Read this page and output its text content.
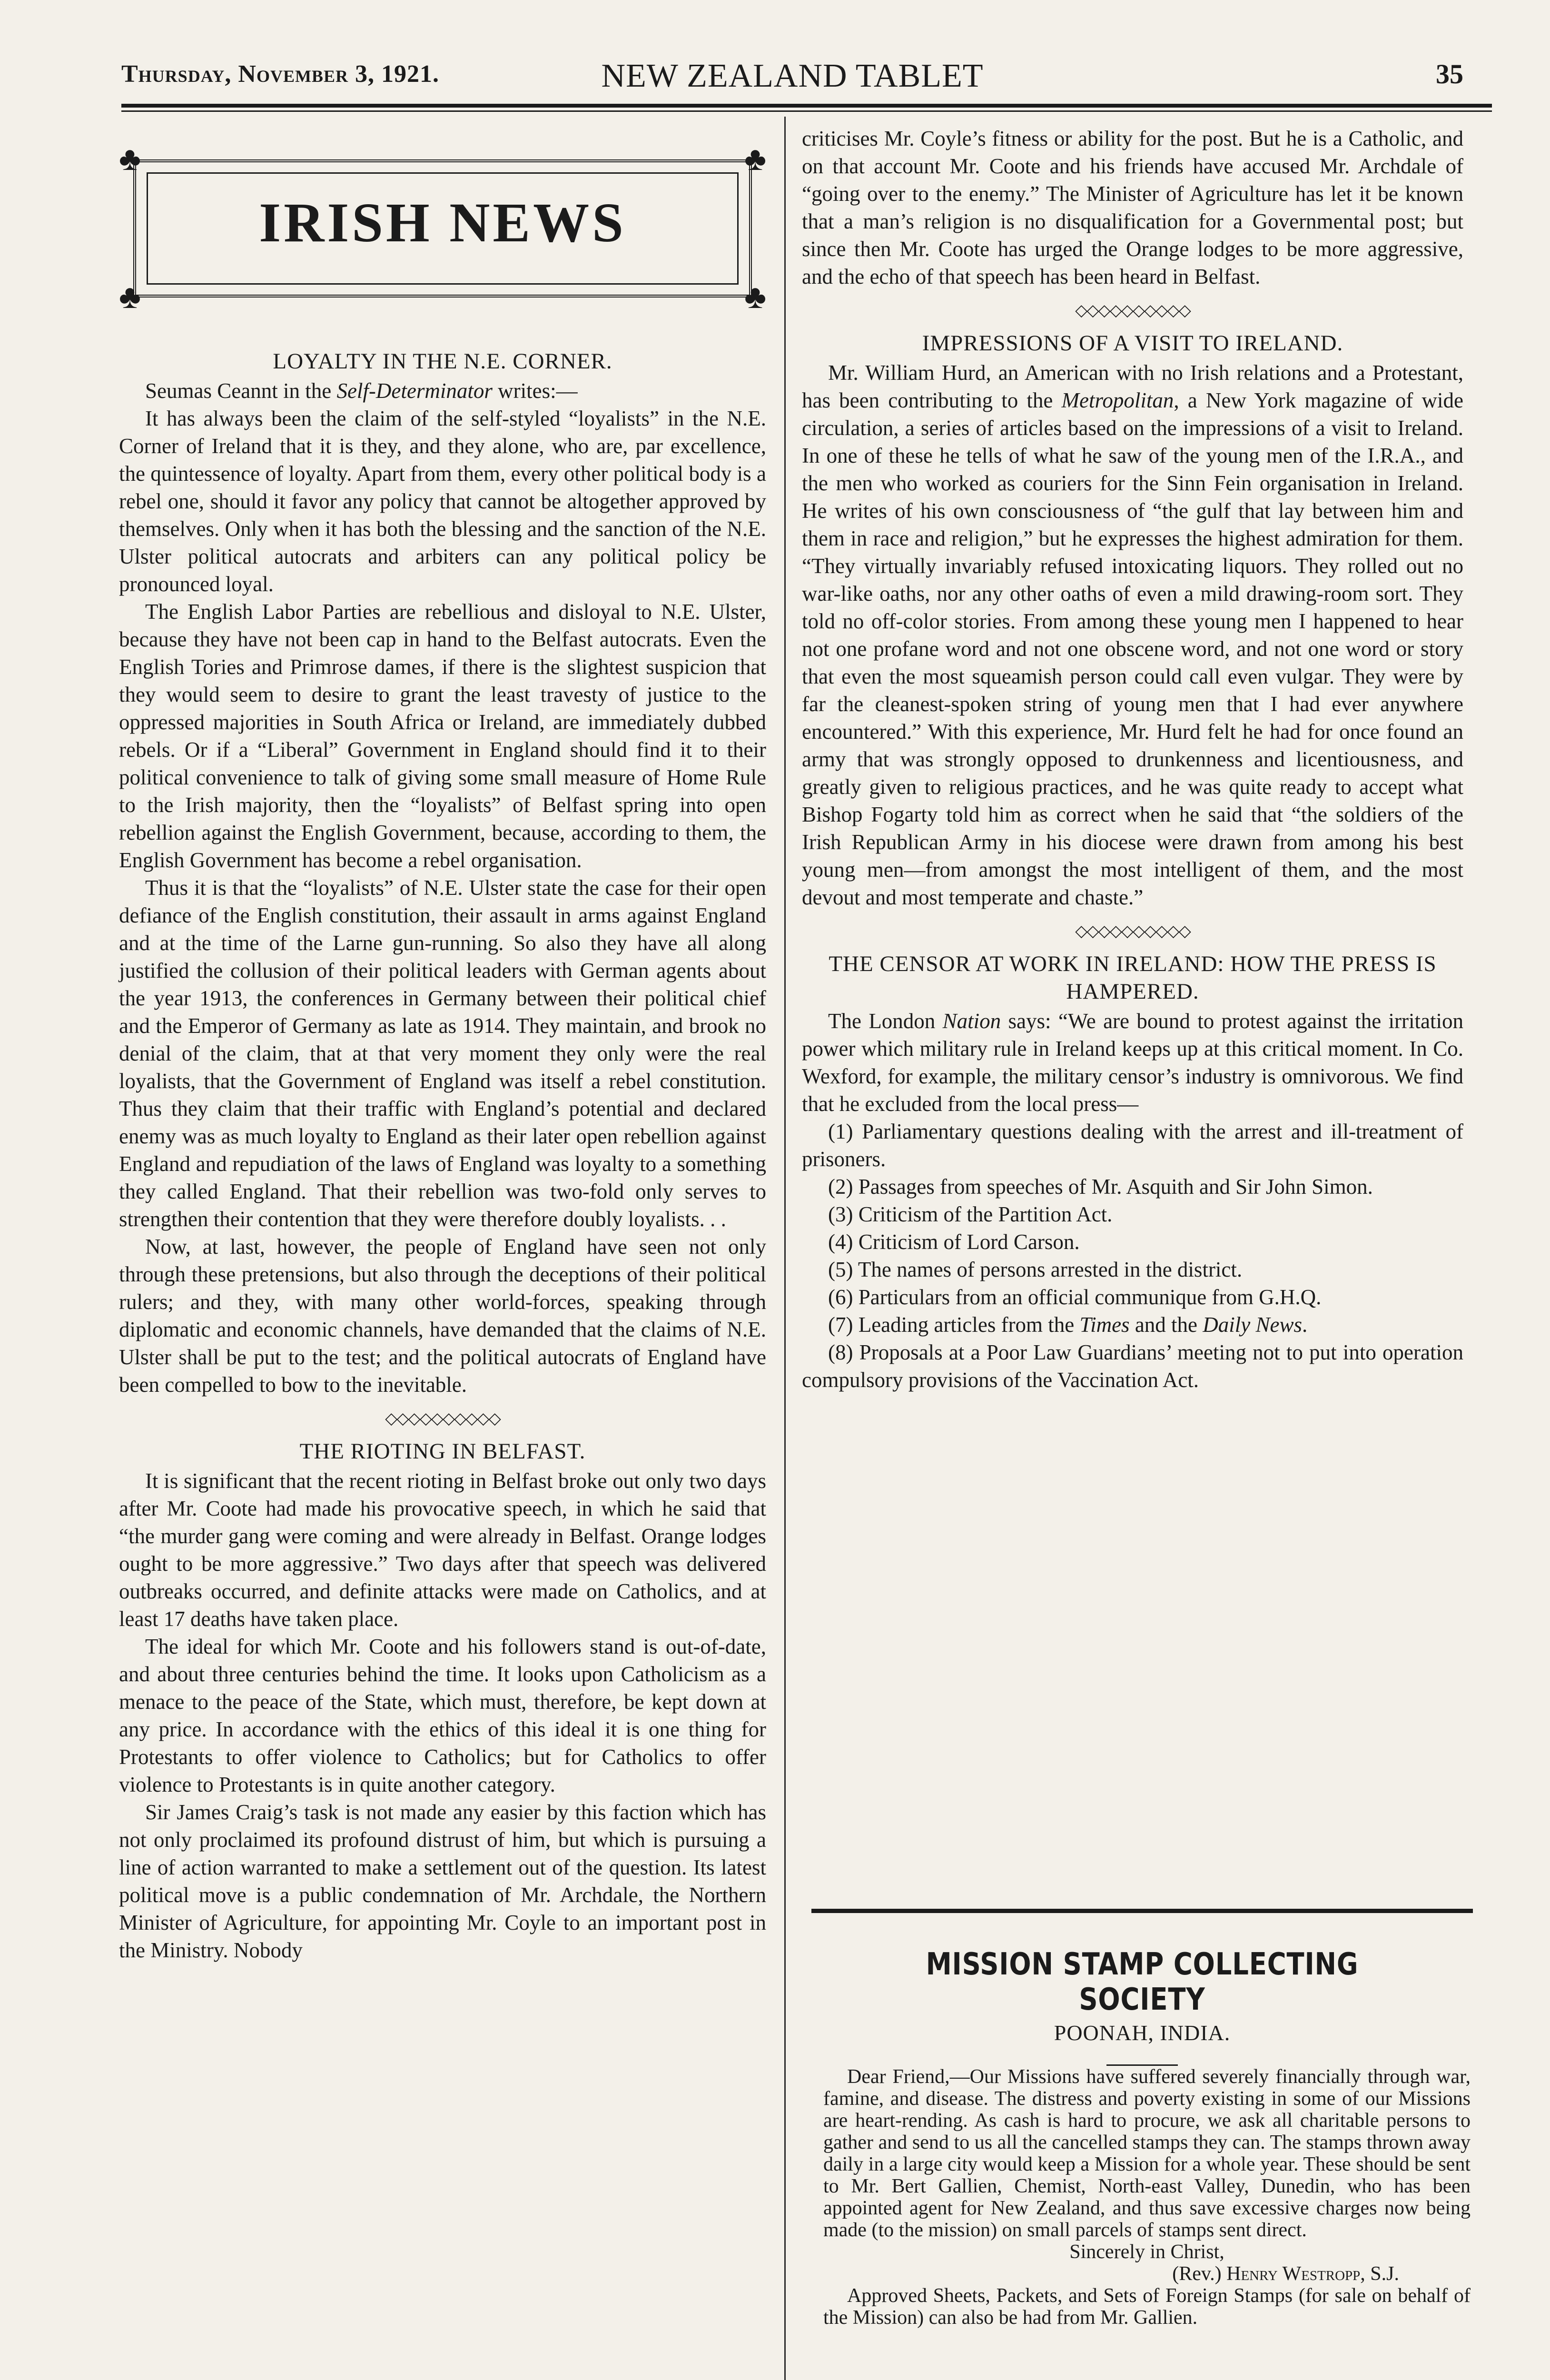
Thursday, November 3, 1921.	NEW ZEALAND TABLET	35
♣	♣
♣	♣
IRISH NEWS
LOYALTY IN THE N.E. CORNER.

Seumas Ceannt in the Self-Determinator writes:—

It has always been the claim of the self-styled “loyalists” in the N.E. Corner of Ireland that it is they, and they alone, who are, par excellence, the quintessence of loyalty. Apart from them, every other political body is a rebel one, should it favor any policy that cannot be altogether approved by themselves. Only when it has both the blessing and the sanction of the N.E. Ulster political autocrats and arbiters can any political policy be pronounced loyal.

The English Labor Parties are rebellious and disloyal to N.E. Ulster, because they have not been cap in hand to the Belfast autocrats. Even the English Tories and Primrose dames, if there is the slightest suspicion that they would seem to desire to grant the least travesty of justice to the oppressed majorities in South Africa or Ireland, are immediately dubbed rebels. Or if a “Liberal” Government in England should find it to their political convenience to talk of giving some small measure of Home Rule to the Irish majority, then the “loyalists” of Belfast spring into open rebellion against the English Government, because, according to them, the English Government has become a rebel organisation.

Thus it is that the “loyalists” of N.E. Ulster state the case for their open defiance of the English constitution, their assault in arms against England and at the time of the Larne gun-running. So also they have all along justified the collusion of their political leaders with German agents about the year 1913, the conferences in Germany between their political chief and the Emperor of Germany as late as 1914. They maintain, and brook no denial of the claim, that at that very moment they only were the real loyalists, that the Government of England was itself a rebel constitution. Thus they claim that their traffic with England’s potential and declared enemy was as much loyalty to England as their later open rebellion against England and repudiation of the laws of England was loyalty to a something they called England. That their rebellion was two-fold only serves to strengthen their contention that they were therefore doubly loyalists. . .

Now, at last, however, the people of England have seen not only through these pretensions, but also through the deceptions of their political rulers; and they, with many other world-forces, speaking through diplomatic and economic channels, have demanded that the claims of N.E. Ulster shall be put to the test; and the political autocrats of England have been compelled to bow to the inevitable.

◇◇◇◇◇◇◇◇◇◇
THE RIOTING IN BELFAST.

It is significant that the recent rioting in Belfast broke out only two days after Mr. Coote had made his provocative speech, in which he said that “the murder gang were coming and were already in Belfast. Orange lodges ought to be more aggressive.” Two days after that speech was delivered outbreaks occurred, and definite attacks were made on Catholics, and at least 17 deaths have taken place.

The ideal for which Mr. Coote and his followers stand is out-of-date, and about three centuries behind the time. It looks upon Catholicism as a menace to the peace of the State, which must, therefore, be kept down at any price. In accordance with the ethics of this ideal it is one thing for Protestants to offer violence to Catholics; but for Catholics to offer violence to Protestants is in quite another category.

Sir James Craig’s task is not made any easier by this faction which has not only proclaimed its profound distrust of him, but which is pursuing a line of action warranted to make a settlement out of the question. Its latest political move is a public condemnation of Mr. Archdale, the Northern Minister of Agriculture, for appointing Mr. Coyle to an important post in the Ministry. Nobody

criticises Mr. Coyle’s fitness or ability for the post. But he is a Catholic, and on that account Mr. Coote and his friends have accused Mr. Archdale of “going over to the enemy.” The Minister of Agriculture has let it be known that a man’s religion is no disqualification for a Governmental post; but since then Mr. Coote has urged the Orange lodges to be more aggressive, and the echo of that speech has been heard in Belfast.

◇◇◇◇◇◇◇◇◇◇
IMPRESSIONS OF A VISIT TO IRELAND.

Mr. William Hurd, an American with no Irish relations and a Protestant, has been contributing to the Metropolitan, a New York magazine of wide circulation, a series of articles based on the impressions of a visit to Ireland. In one of these he tells of what he saw of the young men of the I.R.A., and the men who worked as couriers for the Sinn Fein organisation in Ireland. He writes of his own consciousness of “the gulf that lay between him and them in race and religion,” but he expresses the highest admiration for them. “They virtually invariably refused intoxicating liquors. They rolled out no war-like oaths, nor any other oaths of even a mild drawing-room sort. They told no off-color stories. From among these young men I happened to hear not one profane word and not one obscene word, and not one word or story that even the most squeamish person could call even vulgar. They were by far the cleanest-spoken string of young men that I had ever anywhere encountered.” With this experience, Mr. Hurd felt he had for once found an army that was strongly opposed to drunkenness and licentiousness, and greatly given to religious practices, and he was quite ready to accept what Bishop Fogarty told him as correct when he said that “the soldiers of the Irish Republican Army in his diocese were drawn from among his best young men—from amongst the most intelligent of them, and the most devout and most temperate and chaste.”

◇◇◇◇◇◇◇◇◇◇
THE CENSOR AT WORK IN IRELAND: HOW THE PRESS IS HAMPERED.

The London Nation says: “We are bound to protest against the irritation power which military rule in Ireland keeps up at this critical moment. In Co. Wexford, for example, the military censor’s industry is omnivorous. We find that he excluded from the local press—

(1) Parliamentary questions dealing with the arrest and ill-treatment of prisoners.

(2) Passages from speeches of Mr. Asquith and Sir John Simon.

(3) Criticism of the Partition Act.

(4) Criticism of Lord Carson.

(5) The names of persons arrested in the district.

(6) Particulars from an official communique from G.H.Q.

(7) Leading articles from the Times and the Daily News.

(8) Proposals at a Poor Law Guardians’ meeting not to put into operation compulsory provisions of the Vaccination Act.

MISSION STAMP COLLECTING SOCIETY
POONAH, INDIA.

Dear Friend,—Our Missions have suffered severely financially through war, famine, and disease. The distress and poverty existing in some of our Missions are heart-rending. As cash is hard to procure, we ask all charitable persons to gather and send to us all the cancelled stamps they can. The stamps thrown away daily in a large city would keep a Mission for a whole year. These should be sent to Mr. Bert Gallien, Chemist, North-east Valley, Dunedin, who has been appointed agent for New Zealand, and thus save excessive charges now being made (to the mission) on small parcels of stamps sent direct.

Sincerely in Christ,

(Rev.) Henry Westropp, S.J.

Approved Sheets, Packets, and Sets of Foreign Stamps (for sale on behalf of the Mission) can also be had from Mr. Gallien.
